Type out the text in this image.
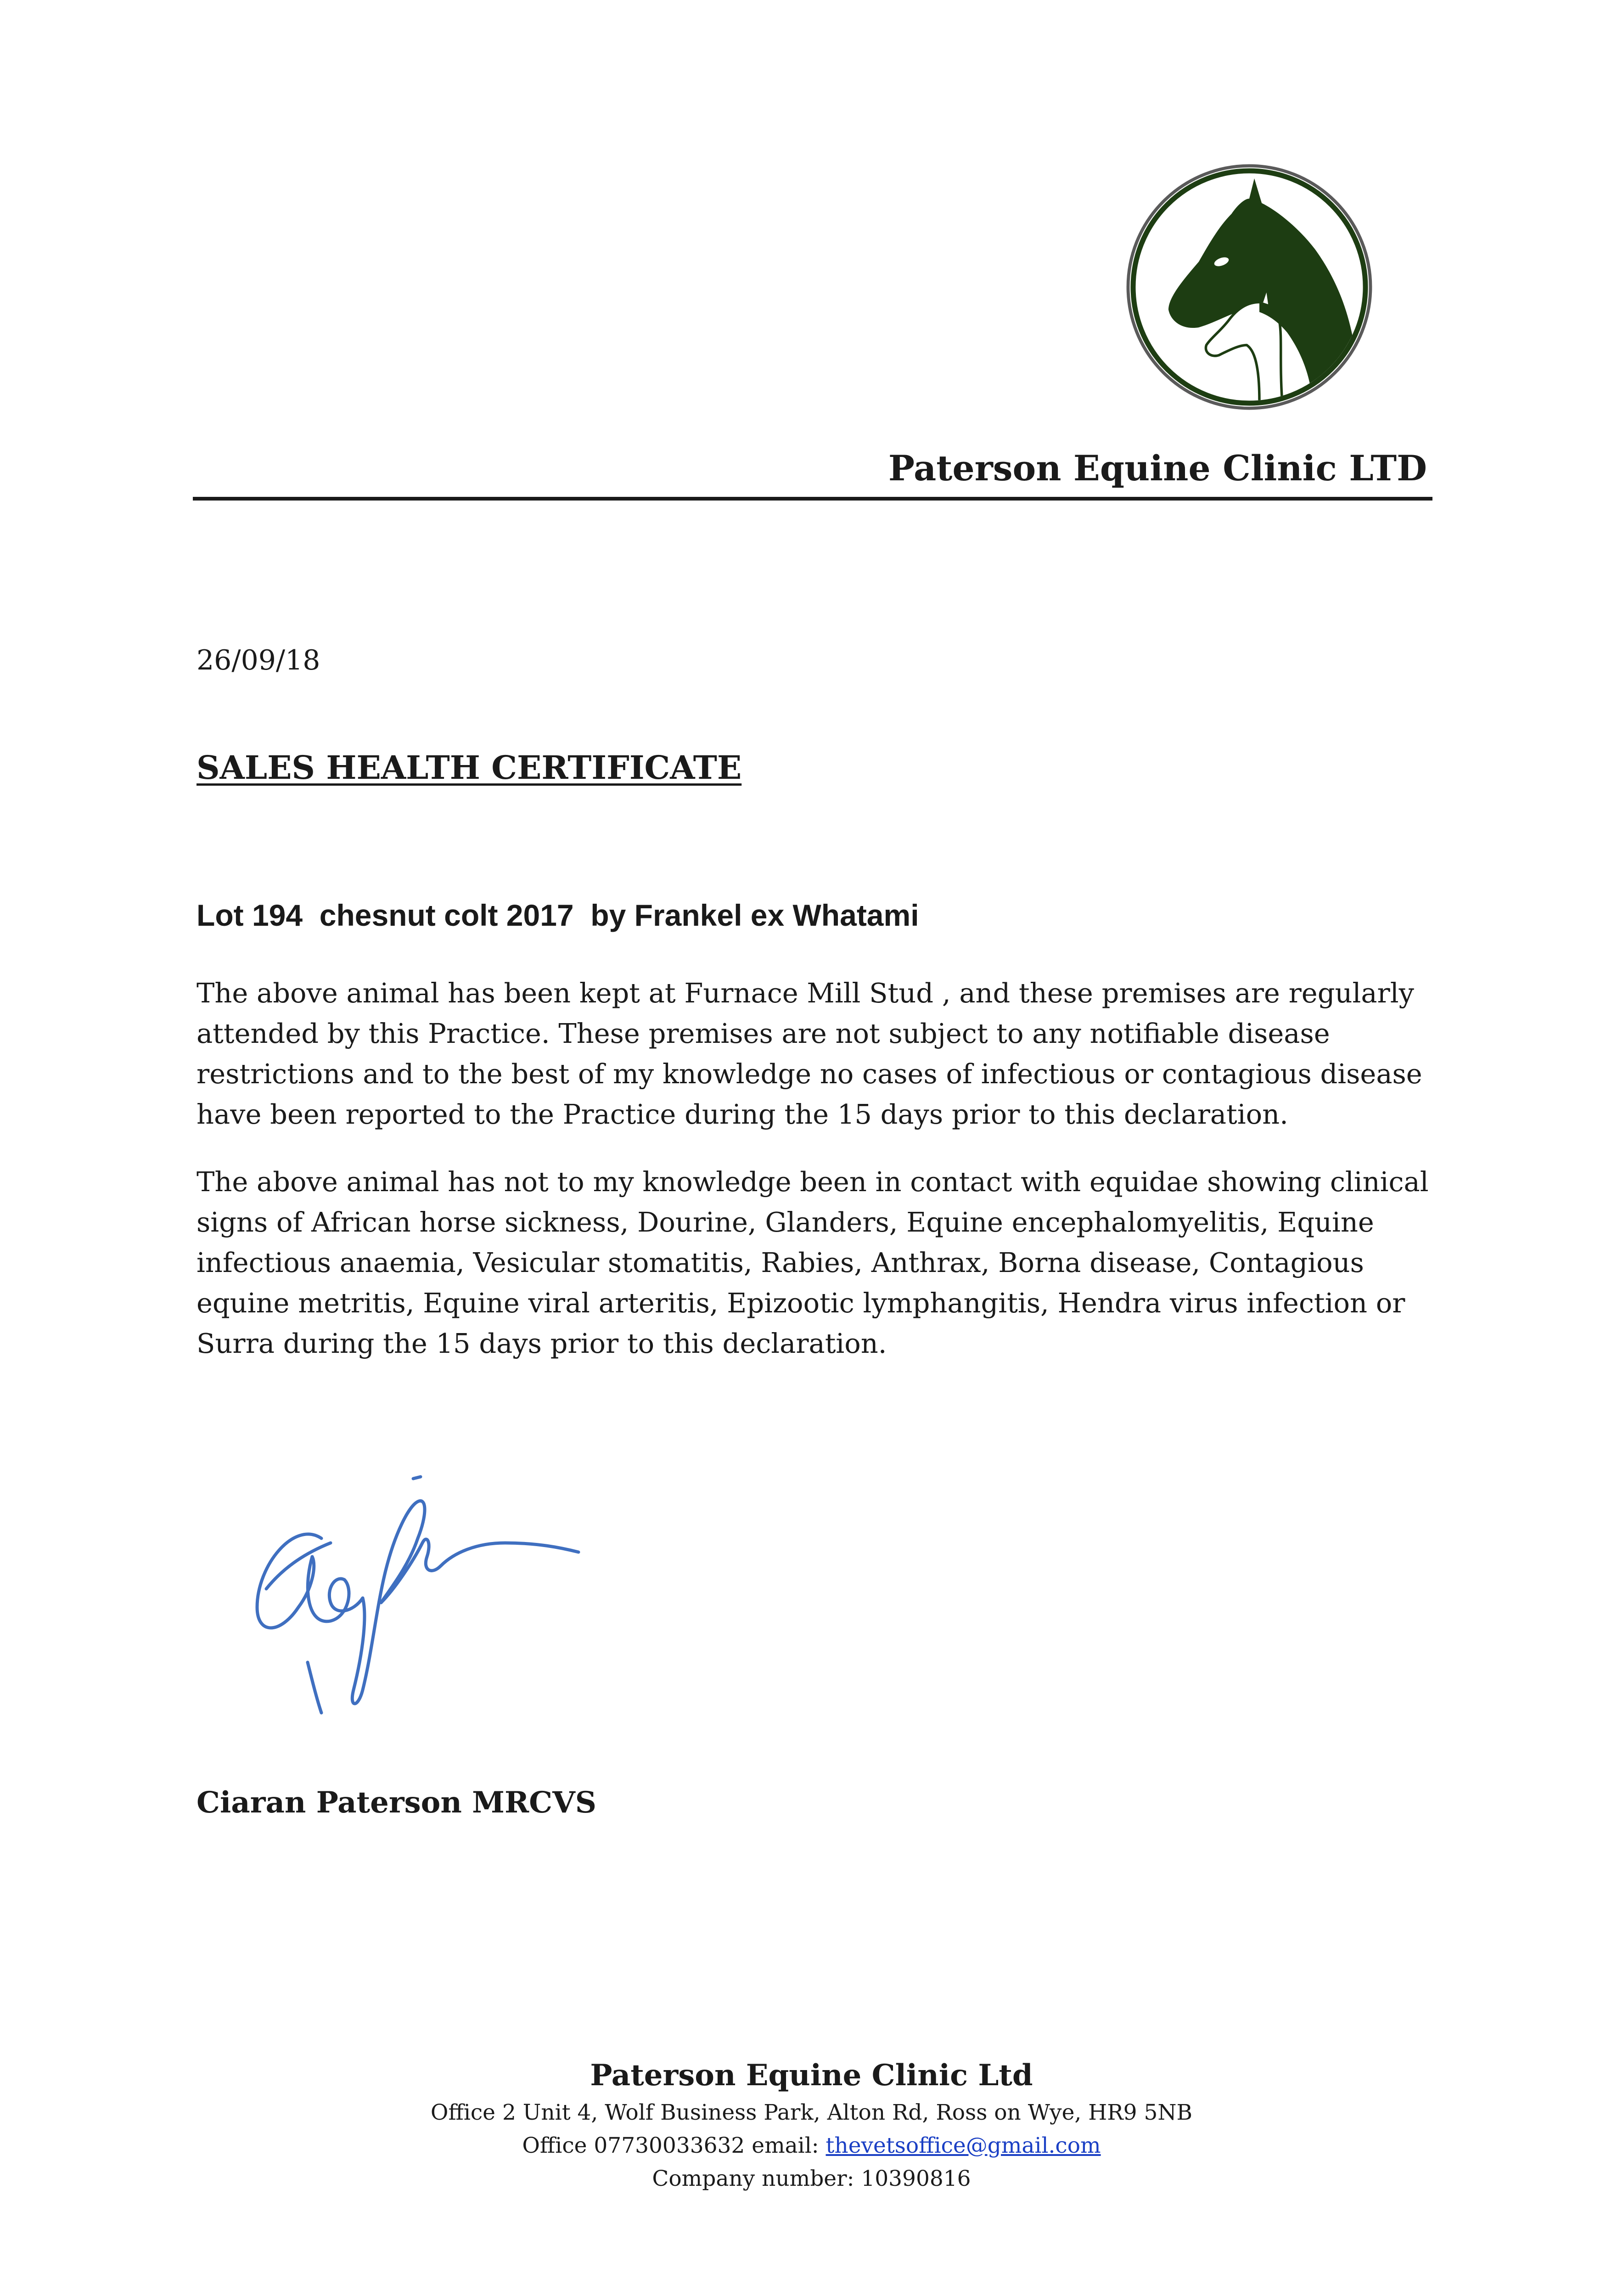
Paterson Equine Clinic LTD
26/09/18
SALES HEALTH CERTIFICATE
Lot 194  chesnut colt 2017  by Frankel ex Whatami

The above animal has been kept at Furnace Mill Stud , and these premises are regularly attended by this Practice. These premises are not subject to any notifiable disease restrictions and to the best of my knowledge no cases of infectious or contagious disease have been reported to the Practice during the 15 days prior to this declaration.

The above animal has not to my knowledge been in contact with equidae showing clinical signs of African horse sickness, Dourine, Glanders, Equine encephalomyelitis, Equine infectious anaemia, Vesicular stomatitis, Rabies, Anthrax, Borna disease, Contagious equine metritis, Equine viral arteritis, Epizootic lymphangitis, Hendra virus infection or Surra during the 15 days prior to this declaration.

Ciaran Paterson MRCVS
Paterson Equine Clinic Ltd
Office 2 Unit 4, Wolf Business Park, Alton Rd, Ross on Wye, HR9 5NB
Office 07730033632 email: thevetsoffice@gmail.com
Company number: 10390816
